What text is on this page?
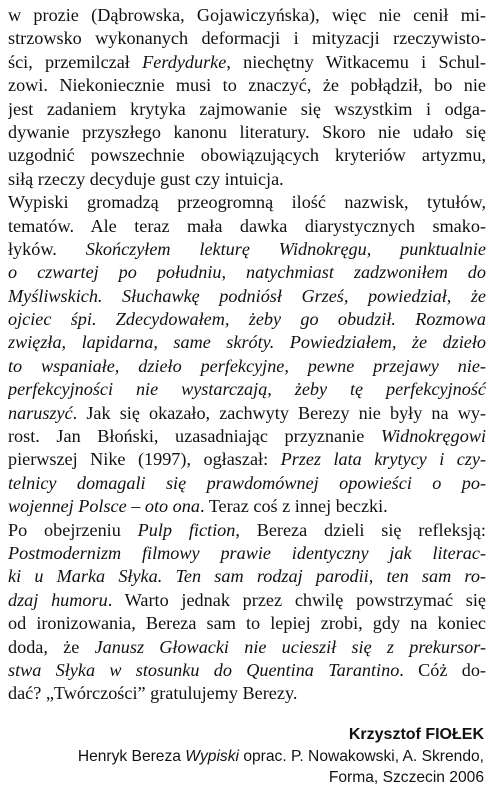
w prozie (Dąbrowska, Gojawiczyńska), więc nie cenił mi-
strzowsko wykonanych deformacji i mityzacji rzeczywisto-
ści, przemilczał Ferdydurke, niechętny Witkacemu i Schul-
zowi. Niekoniecznie musi to znaczyć, że pobłądził, bo nie
jest zadaniem krytyka zajmowanie się wszystkim i odga-
dywanie przyszłego kanonu literatury. Skoro nie udało się
uzgodnić powszechnie obowiązujących kryteriów artyzmu,
siłą rzeczy decyduje gust czy intuicja.
Wypiski gromadzą przeogromną ilość nazwisk, tytułów,
tematów. Ale teraz mała dawka diarystycznych smako-
łyków. Skończyłem lekturę Widnokręgu, punktualnie
o czwartej po południu, natychmiast zadzwoniłem do
Myśliwskich. Słuchawkę podniósł Grześ, powiedział, że
ojciec śpi. Zdecydowałem, żeby go obudził. Rozmowa
zwięzła, lapidarna, same skróty. Powiedziałem, że dzieło
to wspaniałe, dzieło perfekcyjne, pewne przejawy nie-
perfekcyjności nie wystarczają, żeby tę perfekcyjność
naruszyć. Jak się okazało, zachwyty Berezy nie były na wy-
rost. Jan Błoński, uzasadniając przyznanie Widnokręgowi
pierwszej Nike (1997), ogłaszał: Przez lata krytycy i czy-
telnicy domagali się prawdomównej opowieści o po-
wojennej Polsce – oto ona. Teraz coś z innej beczki.
Po obejrzeniu Pulp fiction, Bereza dzieli się refleksją:
Postmodernizm filmowy prawie identyczny jak literac-
ki u Marka Słyka. Ten sam rodzaj parodii, ten sam ro-
dzaj humoru. Warto jednak przez chwilę powstrzymać się
od ironizowania, Bereza sam to lepiej zrobi, gdy na koniec
doda, że Janusz Głowacki nie uciesził się z prekursor-
stwa Słyka w stosunku do Quentina Tarantino. Cóż do-
dać? „Twórczości” gratulujemy Berezy.
Krzysztof FIOŁEK
Henryk Bereza Wypiski oprac. P. Nowakowski, A. Skrendo,
Forma, Szczecin 2006
